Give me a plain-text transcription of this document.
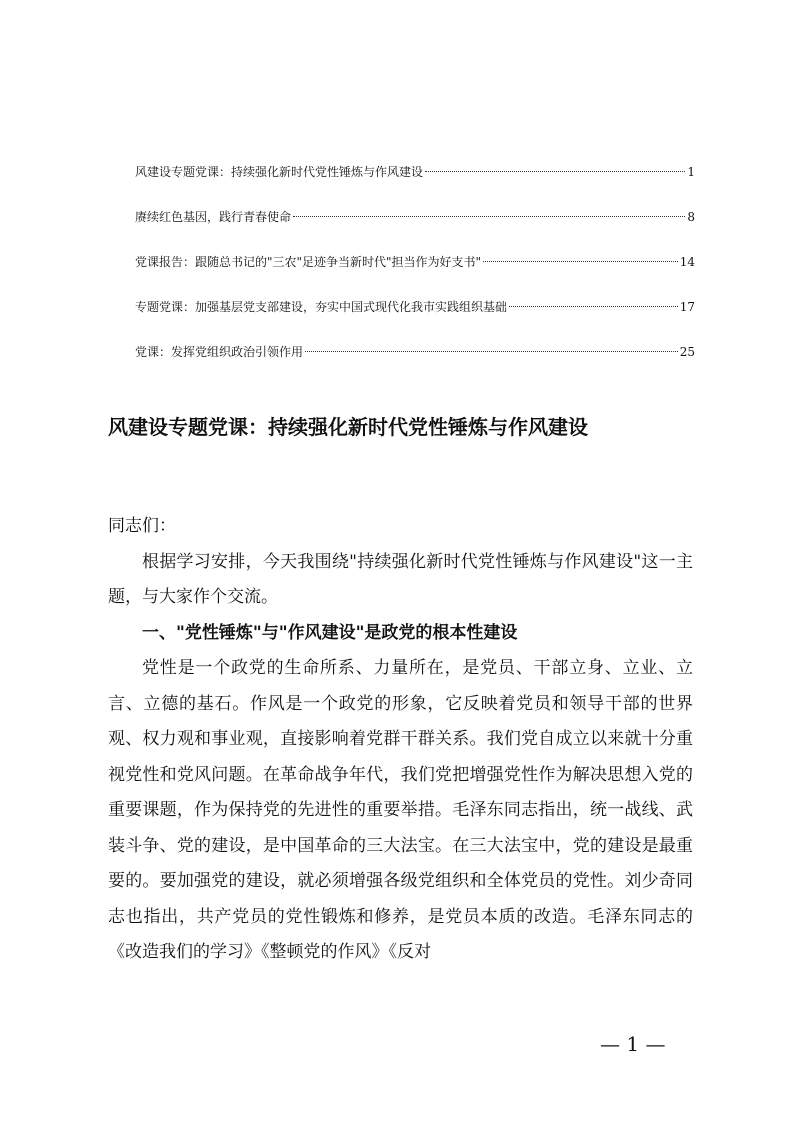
风建设专题党课：持续强化新时代党性锤炼与作风建设	1
赓续红色基因，践行青春使命	8
党课报告：跟随总书记的"三农"足迹争当新时代"担当作为好支书"	14
专题党课：加强基层党支部建设，夯实中国式现代化我市实践组织基础	17
党课：发挥党组织政治引领作用	25
风建设专题党课：持续强化新时代党性锤炼与作风建设

同志们：

根据学习安排，今天我围绕"持续强化新时代党性锤炼与作风建设"这一主题，与大家作个交流。

一、"党性锤炼"与"作风建设"是政党的根本性建设

党性是一个政党的生命所系、力量所在，是党员、干部立身、立业、立言、立德的基石。作风是一个政党的形象，它反映着党员和领导干部的世界观、权力观和事业观，直接影响着党群干群关系。我们党自成立以来就十分重视党性和党风问题。在革命战争年代，我们党把增强党性作为解决思想入党的重要课题，作为保持党的先进性的重要举措。毛泽东同志指出，统一战线、武装斗争、党的建设，是中国革命的三大法宝。在三大法宝中，党的建设是最重要的。要加强党的建设，就必须增强各级党组织和全体党员的党性。刘少奇同志也指出，共产党员的党性锻炼和修养，是党员本质的改造。毛泽东同志的《改造我们的学习》《整顿党的作风》《反对

— 1 —
